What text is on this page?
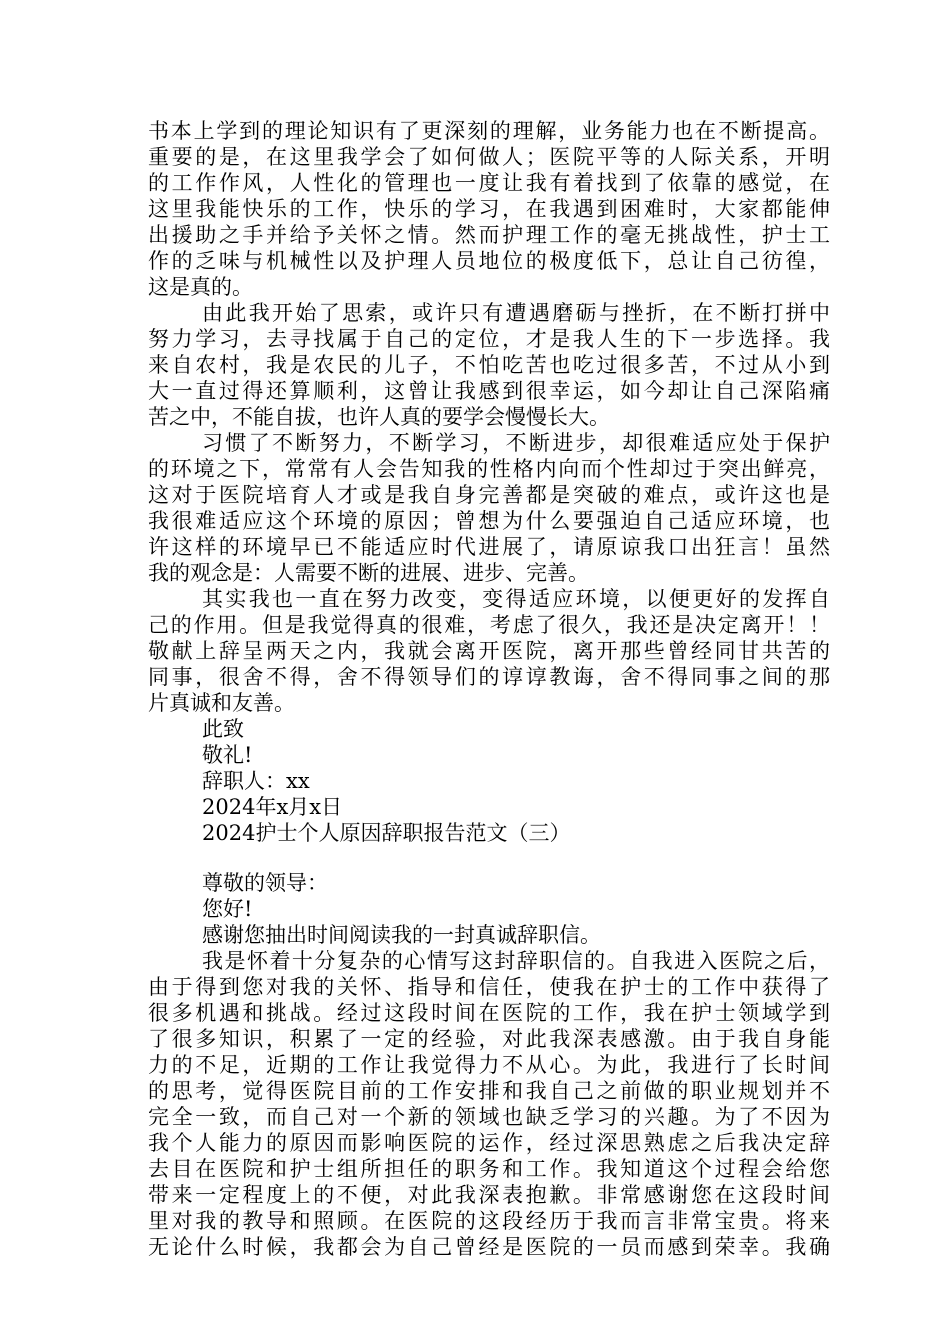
书本上学到的理论知识有了更深刻的理解，业务能力也在不断提高。
重要的是，在这里我学会了如何做人；医院平等的人际关系，开明
的工作作风，人性化的管理也一度让我有着找到了依靠的感觉，在
这里我能快乐的工作，快乐的学习，在我遇到困难时，大家都能伸
出援助之手并给予关怀之情。然而护理工作的毫无挑战性，护士工
作的乏味与机械性以及护理人员地位的极度低下，总让自己彷徨，
这是真的。
由此我开始了思索，或许只有遭遇磨砺与挫折，在不断打拼中
努力学习，去寻找属于自己的定位，才是我人生的下一步选择。我
来自农村，我是农民的儿子，不怕吃苦也吃过很多苦，不过从小到
大一直过得还算顺利，这曾让我感到很幸运，如今却让自己深陷痛
苦之中，不能自拔，也许人真的要学会慢慢长大。
习惯了不断努力，不断学习，不断进步，却很难适应处于保护
的环境之下，常常有人会告知我的性格内向而个性却过于突出鲜亮，
这对于医院培育人才或是我自身完善都是突破的难点，或许这也是
我很难适应这个环境的原因；曾想为什么要强迫自己适应环境，也
许这样的环境早已不能适应时代进展了，请原谅我口出狂言！虽然
我的观念是：人需要不断的进展、进步、完善。
其实我也一直在努力改变，变得适应环境，以便更好的发挥自
己的作用。但是我觉得真的很难，考虑了很久，我还是决定离开！！
敬献上辞呈两天之内，我就会离开医院，离开那些曾经同甘共苦的
同事，很舍不得，舍不得领导们的谆谆教诲，舍不得同事之间的那
片真诚和友善。
此致
敬礼!
辞职人：xx
2024年x月x日
2024护士个人原因辞职报告范文（三）
尊敬的领导：
您好!
感谢您抽出时间阅读我的一封真诚辞职信。
我是怀着十分复杂的心情写这封辞职信的。自我进入医院之后，
由于得到您对我的关怀、指导和信任，使我在护士的工作中获得了
很多机遇和挑战。经过这段时间在医院的工作，我在护士领域学到
了很多知识，积累了一定的经验，对此我深表感激。由于我自身能
力的不足，近期的工作让我觉得力不从心。为此，我进行了长时间
的思考，觉得医院目前的工作安排和我自己之前做的职业规划并不
完全一致，而自己对一个新的领域也缺乏学习的兴趣。为了不因为
我个人能力的原因而影响医院的运作，经过深思熟虑之后我决定辞
去目在医院和护士组所担任的职务和工作。我知道这个过程会给您
带来一定程度上的不便，对此我深表抱歉。非常感谢您在这段时间
里对我的教导和照顾。在医院的这段经历于我而言非常宝贵。将来
无论什么时候，我都会为自己曾经是医院的一员而感到荣幸。我确
